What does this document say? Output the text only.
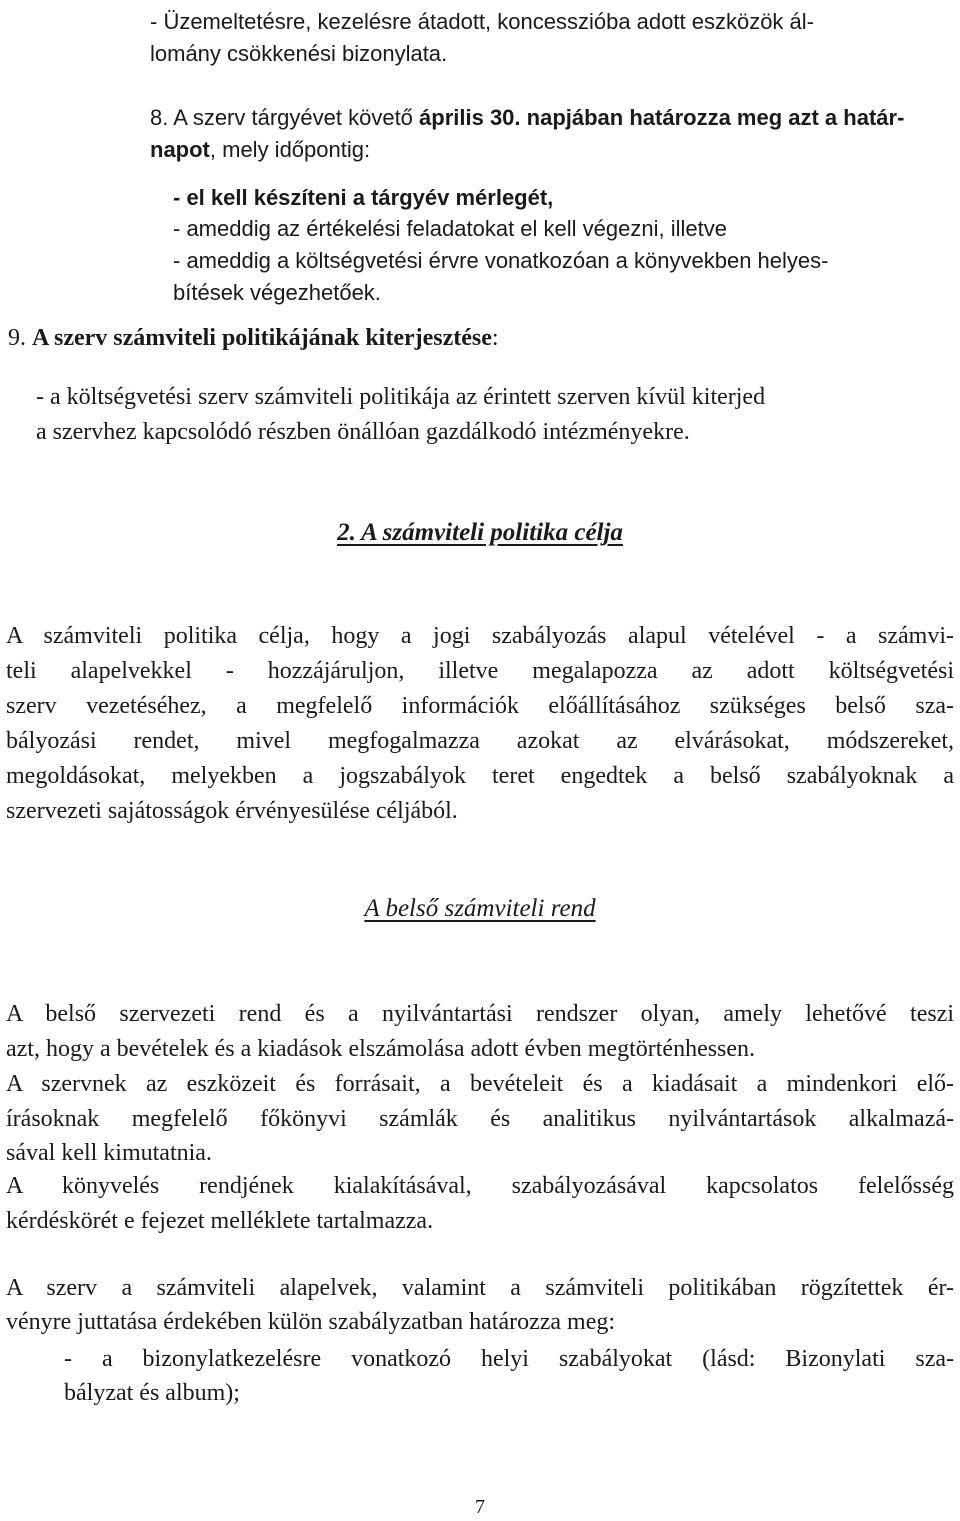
- Üzemeltetésre, kezelésre átadott, koncesszióba adott eszközök ál-

lomány csökkenési bizonylata.

8. A szerv tárgyévet követő április 30. napjában határozza meg azt a határ-

napot, mely időpontig:

- el kell készíteni a tárgyév mérlegét,

- ameddig az értékelési feladatokat el kell végezni, illetve

- ameddig a költségvetési érvre vonatkozóan a könyvekben helyes-

bítések végezhetőek.

9. A szerv számviteli politikájának kiterjesztése:

- a költségvetési szerv számviteli politikája az érintett szerven kívül kiterjed

a szervhez kapcsolódó részben önállóan gazdálkodó intézményekre.

2. A számviteli politika célja

A számviteli politika célja, hogy a jogi szabályozás alapul vételével - a számvi-

teli alapelvekkel - hozzájáruljon, illetve megalapozza az adott költségvetési

szerv vezetéséhez, a megfelelő információk előállításához szükséges belső sza-

bályozási rendet, mivel megfogalmazza azokat az elvárásokat, módszereket,

megoldásokat, melyekben a jogszabályok teret engedtek a belső szabályoknak a

szervezeti sajátosságok érvényesülése céljából.

A belső számviteli rend

A belső szervezeti rend és a nyilvántartási rendszer olyan, amely lehetővé teszi

azt, hogy a bevételek és a kiadások elszámolása adott évben megtörténhessen.

A szervnek az eszközeit és forrásait, a bevételeit és a kiadásait a mindenkori elő-

írásoknak megfelelő főkönyvi számlák és analitikus nyilvántartások alkalmazá-

sával kell kimutatnia.

A könyvelés rendjének kialakításával, szabályozásával kapcsolatos felelősség

kérdéskörét e fejezet melléklete tartalmazza.

A szerv a számviteli alapelvek, valamint a számviteli politikában rögzítettek ér-

vényre juttatása érdekében külön szabályzatban határozza meg:

- a bizonylatkezelésre vonatkozó helyi szabályokat (lásd: Bizonylati sza-

bályzat és album);

7
